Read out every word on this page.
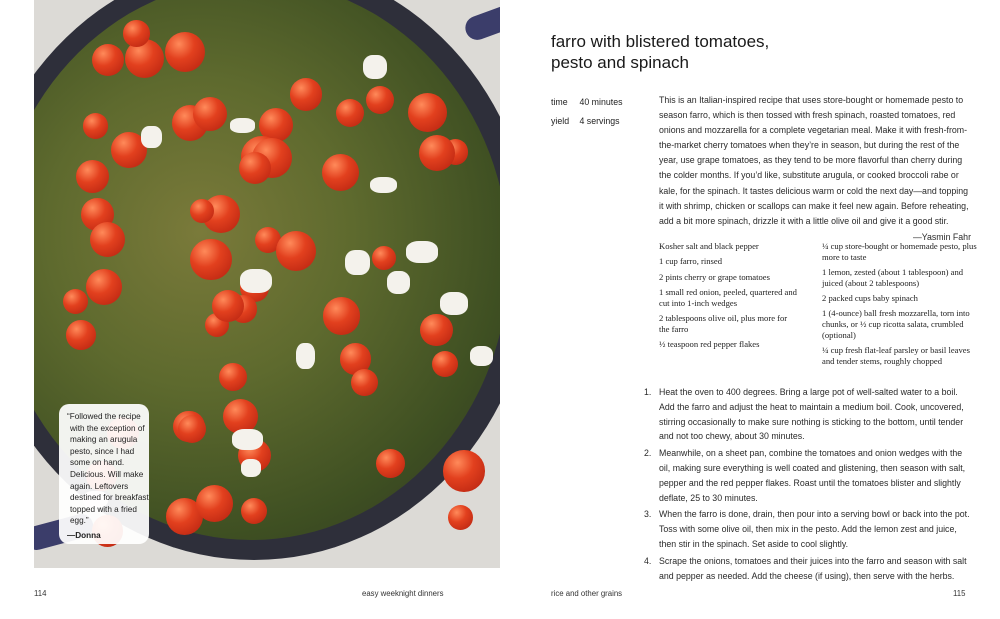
“Followed the recipe with the exception of making an arugula pesto, since I had some on hand. Delicious. Will make again. Leftovers destined for breakfast topped with a fried egg.”
—Donna
farro with blistered tomatoes,
pesto and spinach
time 40 minutes
yield 4 servings
This is an Italian-inspired recipe that uses store-bought or homemade pesto to season farro, which is then tossed with fresh spinach, roasted tomatoes, red onions and mozzarella for a complete vegetarian meal. Make it with fresh-from-the-market cherry tomatoes when they’re in season, but during the rest of the year, use grape tomatoes, as they tend to be more flavorful than cherry during the colder months. If you’d like, substitute arugula, or cooked broccoli rabe or kale, for the spinach. It tastes delicious warm or cold the next day—and topping it with shrimp, chicken or scallops can make it feel new again. Before reheating, add a bit more spinach, drizzle it with a little olive oil and give it a good stir.
—Yasmin Fahr
Kosher salt and black pepper
1 cup farro, rinsed
2 pints cherry or grape tomatoes
1 small red onion, peeled, quartered and cut into 1-inch wedges
2 tablespoons olive oil, plus more for the farro
½ teaspoon red pepper flakes
¼ cup store-bought or homemade pesto, plus more to taste
1 lemon, zested (about 1 tablespoon) and juiced (about 2 tablespoons)
2 packed cups baby spinach
1 (4-ounce) ball fresh mozzarella, torn into chunks, or ½ cup ricotta salata, crumbled (optional)
¼ cup fresh flat-leaf parsley or basil leaves and tender stems, roughly chopped
1. Heat the oven to 400 degrees. Bring a large pot of well-salted water to a boil. Add the farro and adjust the heat to maintain a medium boil. Cook, uncovered, stirring occasionally to make sure nothing is sticking to the bottom, until tender and not too chewy, about 30 minutes.
2. Meanwhile, on a sheet pan, combine the tomatoes and onion wedges with the oil, making sure everything is well coated and glistening, then season with salt, pepper and the red pepper flakes. Roast until the tomatoes blister and slightly deflate, 25 to 30 minutes.
3. When the farro is done, drain, then pour into a serving bowl or back into the pot. Toss with some olive oil, then mix in the pesto. Add the lemon zest and juice, then stir in the spinach. Set aside to cool slightly.
4. Scrape the onions, tomatoes and their juices into the farro and season with salt and pepper as needed. Add the cheese (if using), then serve with the herbs.
114	easy weeknight dinners	rice and other grains	115
